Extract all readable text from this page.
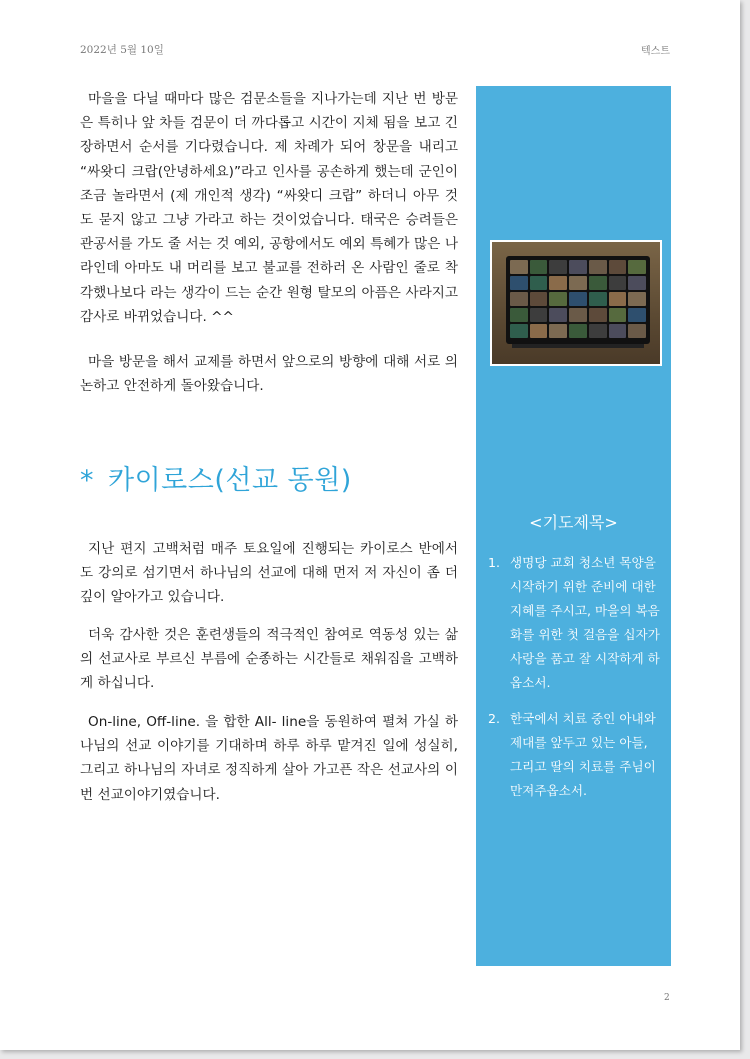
2022년 5월 10일	텍스트

마을을 다닐 때마다 많은 검문소들을 지나가는데 지난 번 방문은 특히나 앞 차들 검문이 더 까다롭고 시간이 지체 됨을 보고 긴장하면서 순서를 기다렸습니다. 제 차례가 되어 창문을 내리고 “싸왓디 크랍(안녕하세요)”라고 인사를 공손하게 했는데 군인이 조금 놀라면서 (제 개인적 생각) “싸왓디 크랍” 하더니 아무 것도 묻지 않고 그냥 가라고 하는 것이었습니다. 태국은 승려들은 관공서를 가도 줄 서는 것 예외, 공항에서도 예외 특혜가 많은 나라인데 아마도 내 머리를 보고 불교를 전하러 온 사람인 줄로 착각했나보다 라는 생각이 드는 순간 원형 탈모의 아픔은 사라지고 감사로 바뀌었습니다. ^^

마을 방문을 해서 교제를 하면서 앞으로의 방향에 대해 서로 의논하고 안전하게 돌아왔습니다.

* 카이로스(선교 동원)

지난 편지 고백처럼 매주 토요일에 진행되는 카이로스 반에서도 강의로 섬기면서 하나님의 선교에 대해 먼저 저 자신이 좀 더 깊이 알아가고 있습니다.

더욱 감사한 것은 훈련생들의 적극적인 참여로 역동성 있는 삶의 선교사로 부르신 부름에 순종하는 시간들로 채워짐을 고백하게 하십니다.

On-line, Off-line. 을 합한 All- line을 동원하여 펼쳐 가실 하나님의 선교 이야기를 기대하며 하루 하루 맡겨진 일에 성실히, 그리고 하나님의 자녀로 정직하게 살아 가고픈 작은 선교사의 이번 선교이야기였습니다.

<기도제목>
1. 생명당 교회 청소년 목양을 시작하기 위한 준비에 대한 지혜를 주시고, 마을의 복음화를 위한 첫 걸음을 십자가 사랑을 품고 잘 시작하게 하옵소서.
2. 한국에서 치료 중인 아내와 제대를 앞두고 있는 아들, 그리고 딸의 치료를 주님이 만져주옵소서.
2
